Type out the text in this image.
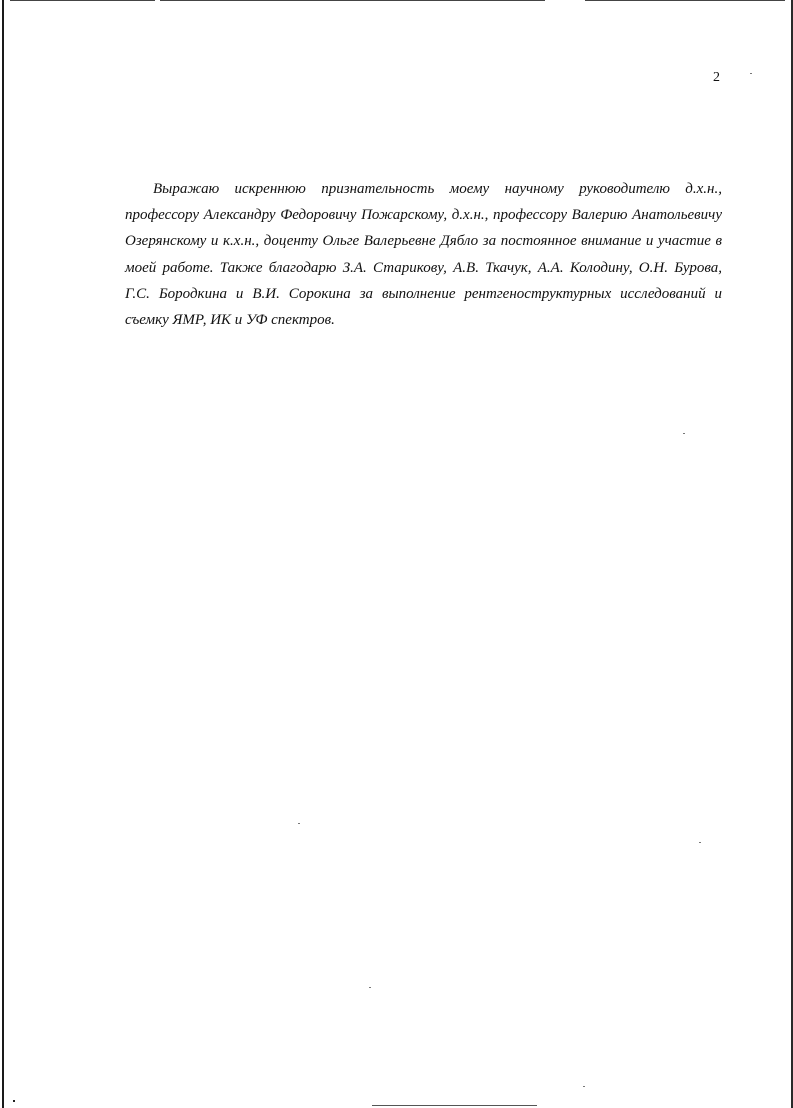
2

Выражаю искреннюю признательность моему научному руководителю д.х.н., профессору Александру Федоровичу Пожарскому, д.х.н., профессору Валерию Анатольевичу Озерянскому и к.х.н., доценту Ольге Валерьевне Дябло за постоянное внимание и участие в моей работе. Также благодарю З.А. Старикову, А.В. Ткачук, А.А. Колодину, О.Н. Бурова, Г.С. Бородкина и В.И. Сорокина за выполнение рентгеноструктурных исследований и съемку ЯМР, ИК и УФ спектров.
